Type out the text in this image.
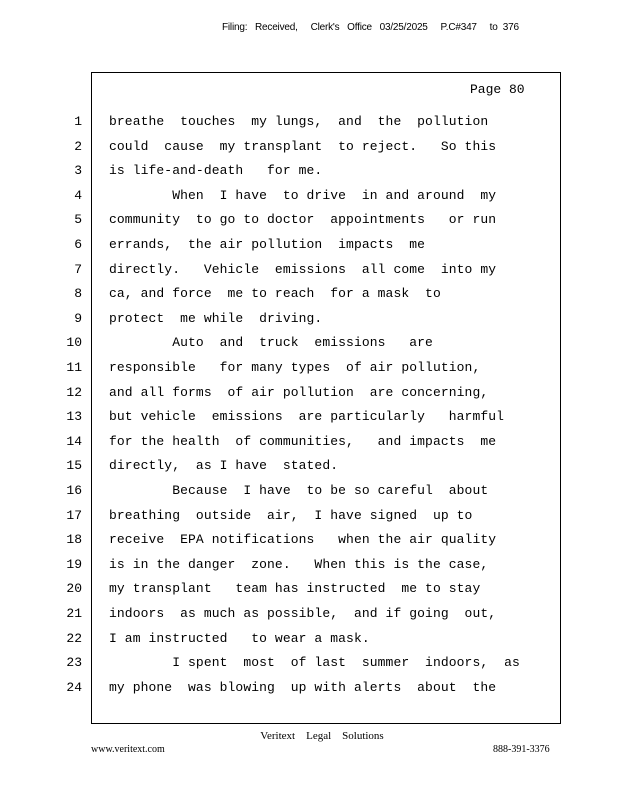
Filing:   Received,     Clerk's   Office   03/25/2025     P.C#347     to  376
Page 80
1 breathe  touches  my lungs,  and  the  pollution
2 could  cause  my transplant  to reject.   So this
3 is life-and-death   for me.
4 When  I have  to drive  in and around  my
5 community  to go to doctor  appointments   or run
6 errands,  the air pollution  impacts  me
7 directly.   Vehicle  emissions  all come  into my
8 ca, and force  me to reach  for a mask  to
9 protect  me while  driving.
10 Auto  and  truck  emissions   are
11 responsible   for many types  of air pollution,
12 and all forms  of air pollution  are concerning,
13 but vehicle  emissions  are particularly   harmful
14 for the health  of communities,   and impacts  me
15 directly,  as I have  stated.
16 Because  I have  to be so careful  about
17 breathing  outside  air,  I have signed  up to
18 receive  EPA notifications   when the air quality
19 is in the danger  zone.   When this is the case,
20 my transplant   team has instructed  me to stay
21 indoors  as much as possible,  and if going  out,
22 I am instructed   to wear a mask.
23 I spent  most  of last  summer  indoors,  as
24 my phone  was blowing  up with alerts  about  the
Veritext    Legal    Solutions
www.veritext.com	888-391-3376
